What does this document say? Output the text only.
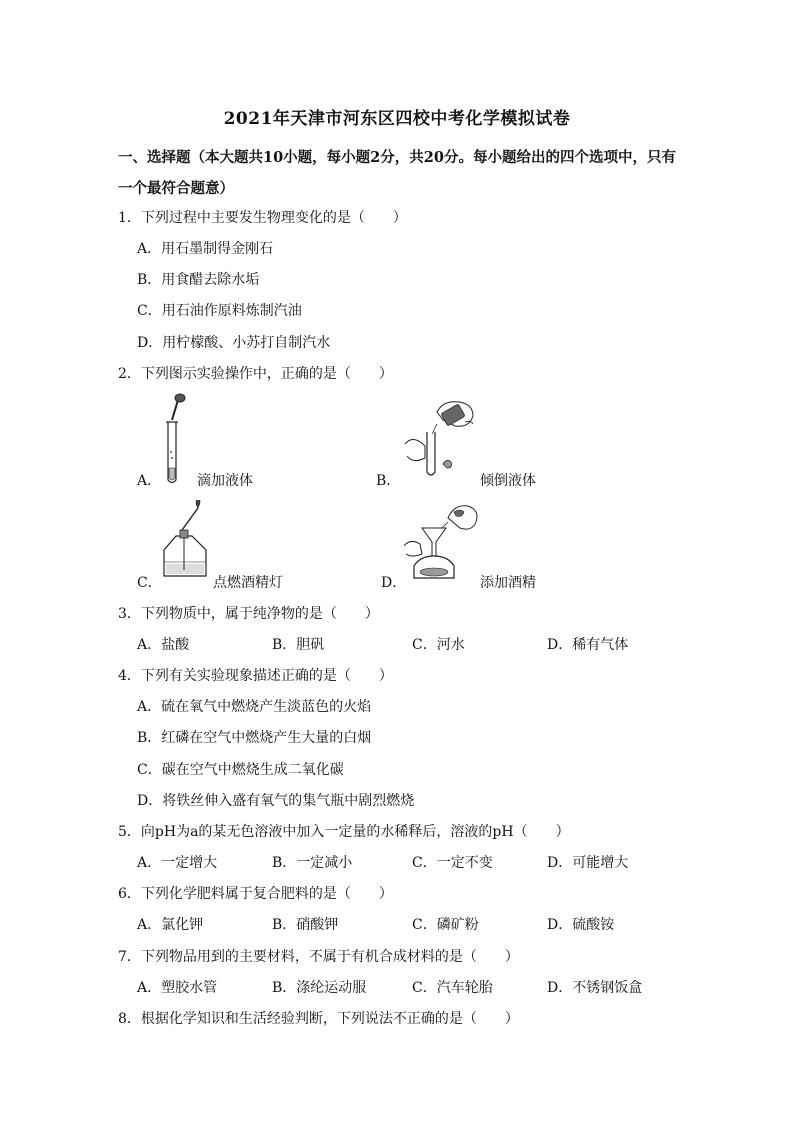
2021年天津市河东区四校中考化学模拟试卷
一、选择题（本大题共10小题，每小题2分，共20分。每小题给出的四个选项中，只有
一个最符合题意）
1．下列过程中主要发生物理变化的是（　　）
A．用石墨制得金刚石
B．用食醋去除水垢
C．用石油作原料炼制汽油
D．用柠檬酸、小苏打自制汽水
2．下列图示实验操作中，正确的是（　　）
A．	滴加液体	B．	倾倒液体
C．	点燃酒精灯	D．	添加酒精
3．下列物质中，属于纯净物的是（　　）
A．盐酸	B．胆矾	C．河水	D．稀有气体
4．下列有关实验现象描述正确的是（　　）
A．硫在氧气中燃烧产生淡蓝色的火焰
B．红磷在空气中燃烧产生大量的白烟
C．碳在空气中燃烧生成二氧化碳
D．将铁丝伸入盛有氧气的集气瓶中剧烈燃烧
5．向pH为a的某无色溶液中加入一定量的水稀释后，溶液的pH（　　）
A．一定增大	B．一定减小	C．一定不变	D．可能增大
6．下列化学肥料属于复合肥料的是（　　）
A．氯化钾	B．硝酸钾	C．磷矿粉	D．硫酸铵
7．下列物品用到的主要材料，不属于有机合成材料的是（　　）
A．塑胶水管	B．涤纶运动服	C．汽车轮胎	D．不锈钢饭盒
8．根据化学知识和生活经验判断，下列说法不正确的是（　　）
